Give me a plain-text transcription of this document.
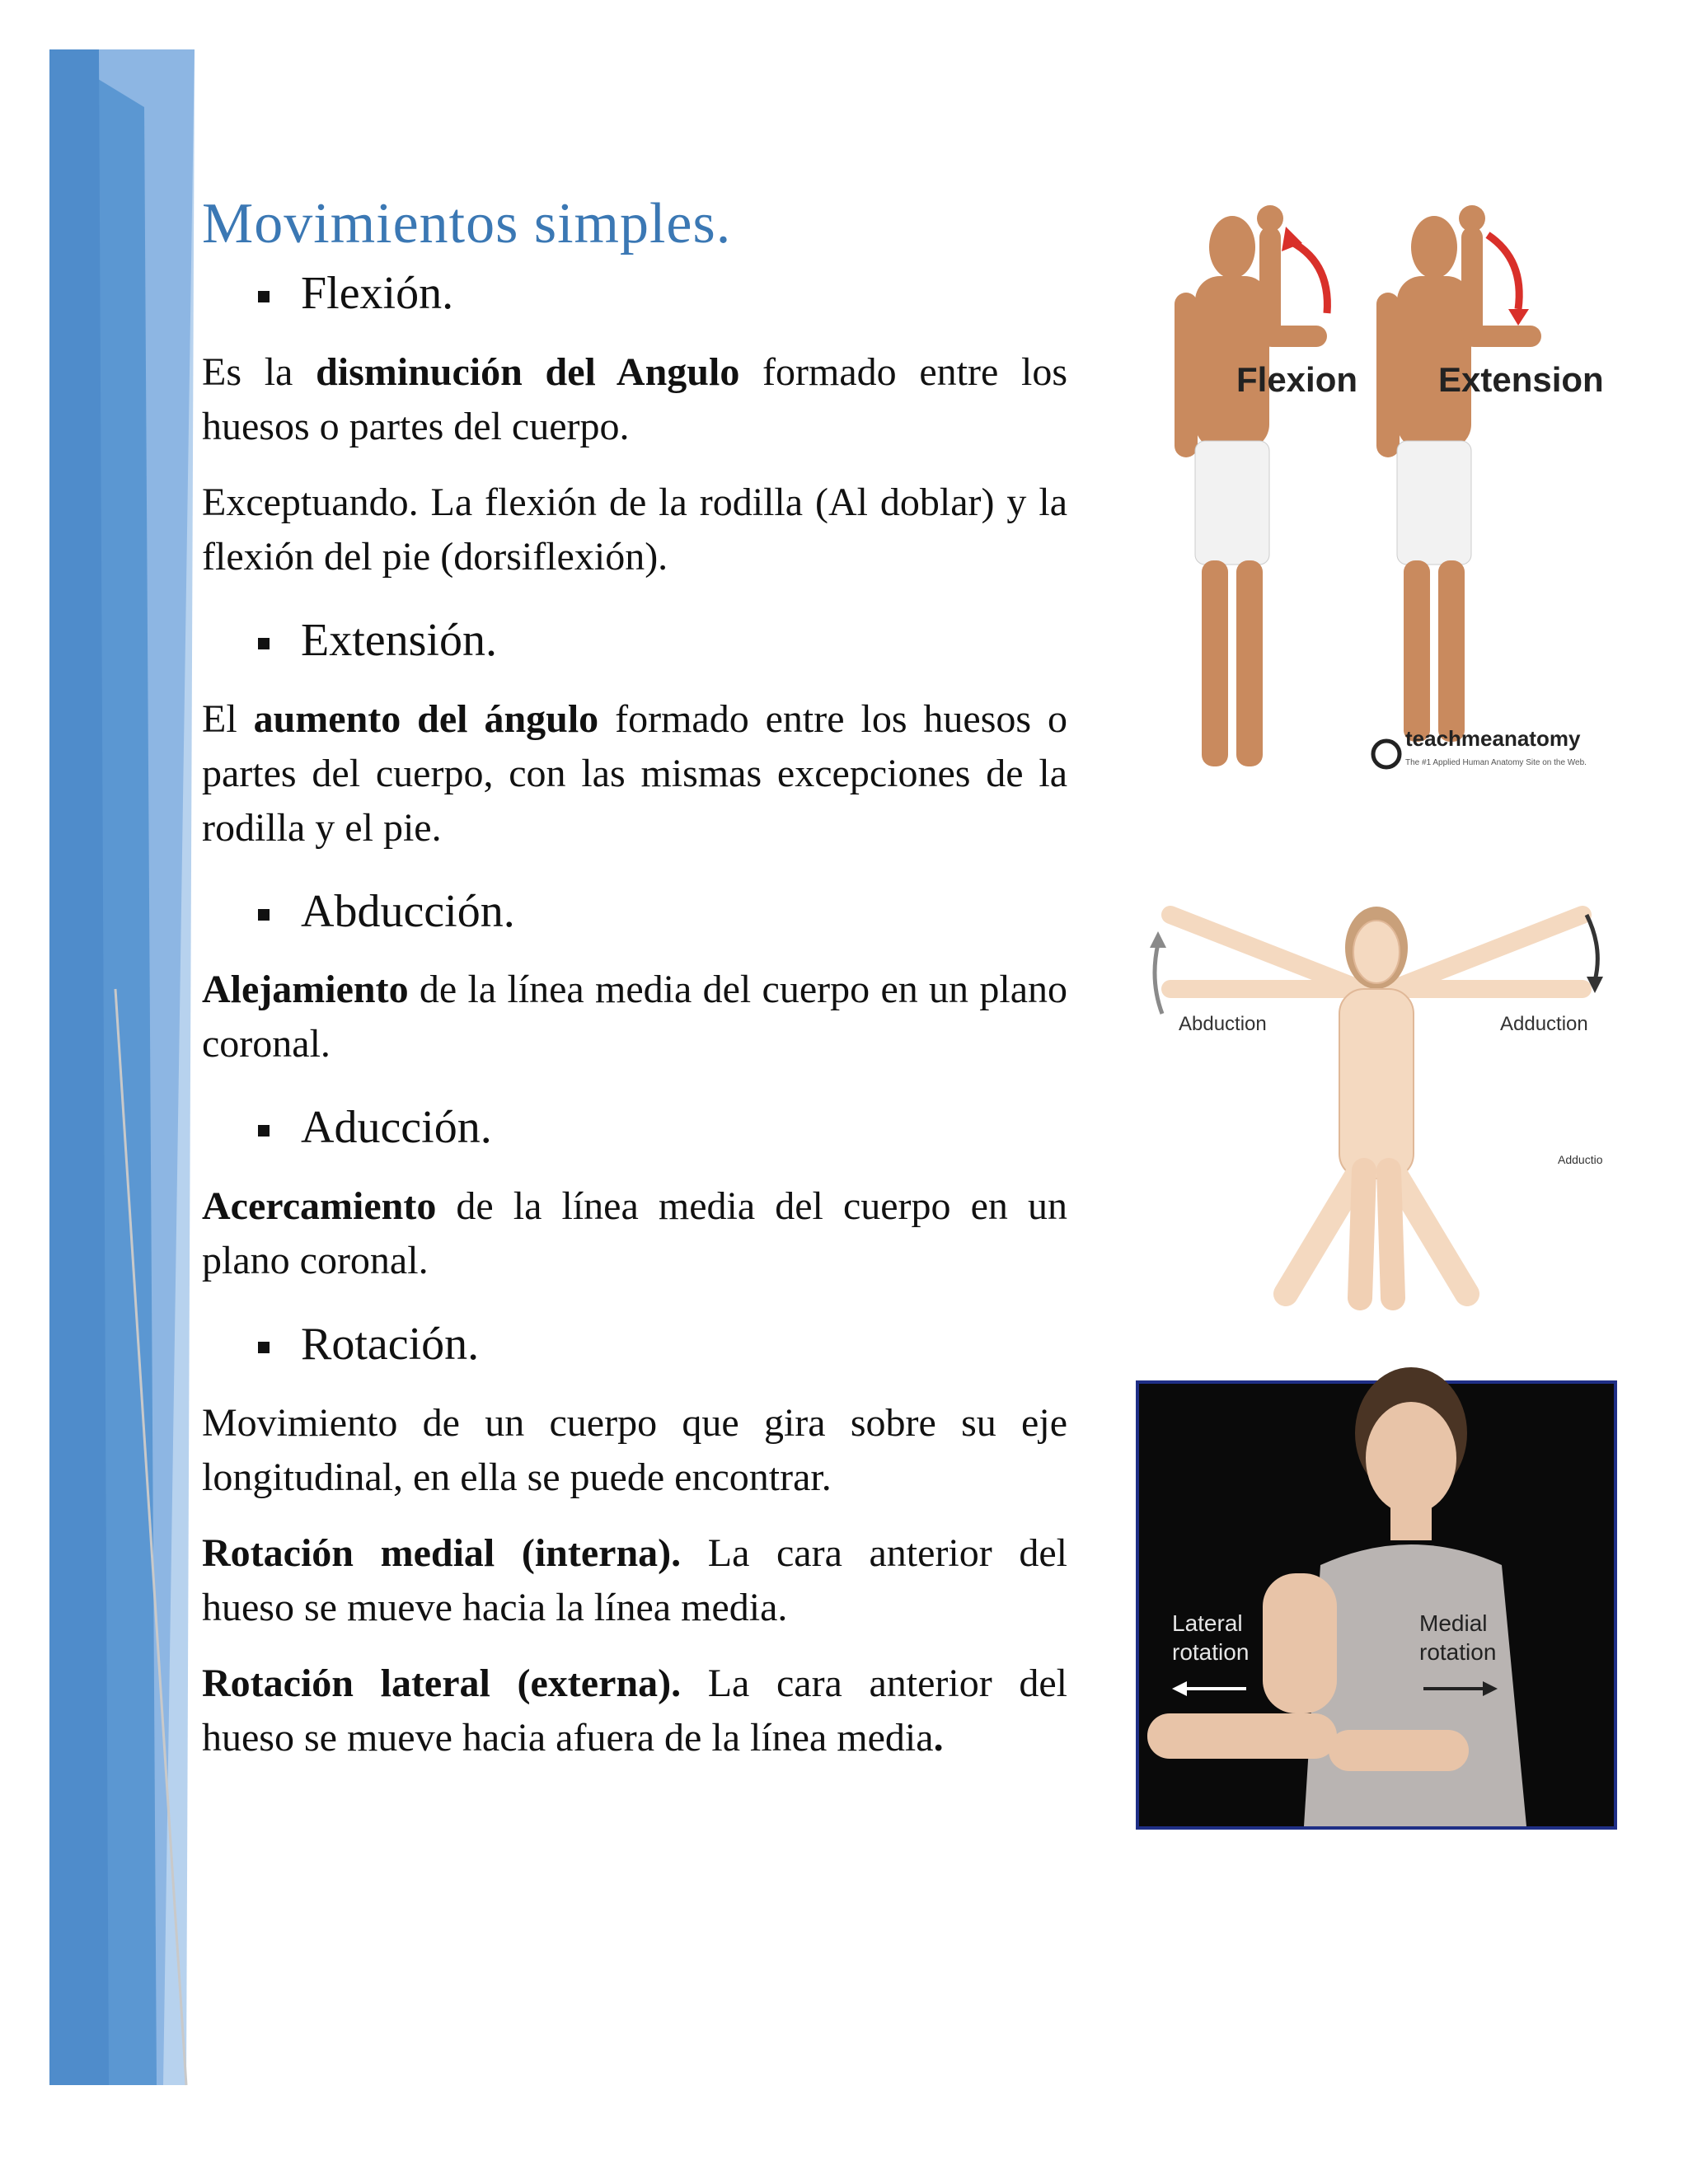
Movimientos simples.
Flexión.

Es la disminución del Angulo formado entre los huesos o partes del cuerpo.

Exceptuando. La flexión de la rodilla (Al doblar) y la flexión del pie (dorsiflexión).

Extensión.

El aumento del ángulo formado entre los huesos o partes del cuerpo, con las mismas excepciones de la rodilla y el pie.

Abducción.

Alejamiento de la línea media del cuerpo en un plano coronal.

Aducción.

Acercamiento de la línea media del cuerpo en un plano coronal.

Rotación.

Movimiento de un cuerpo que gira sobre su eje longitudinal, en ella se puede encontrar.

Rotación medial (interna). La cara anterior del hueso se mueve hacia la línea media.

Rotación lateral (externa). La cara anterior del hueso se mueve hacia afuera de la línea media.

Flexion Extension
teachmeanatomy
The #1 Applied Human Anatomy Site on the Web.
Abduction	Adduction
Adductio
Lateral
rotation
Medial
rotation
